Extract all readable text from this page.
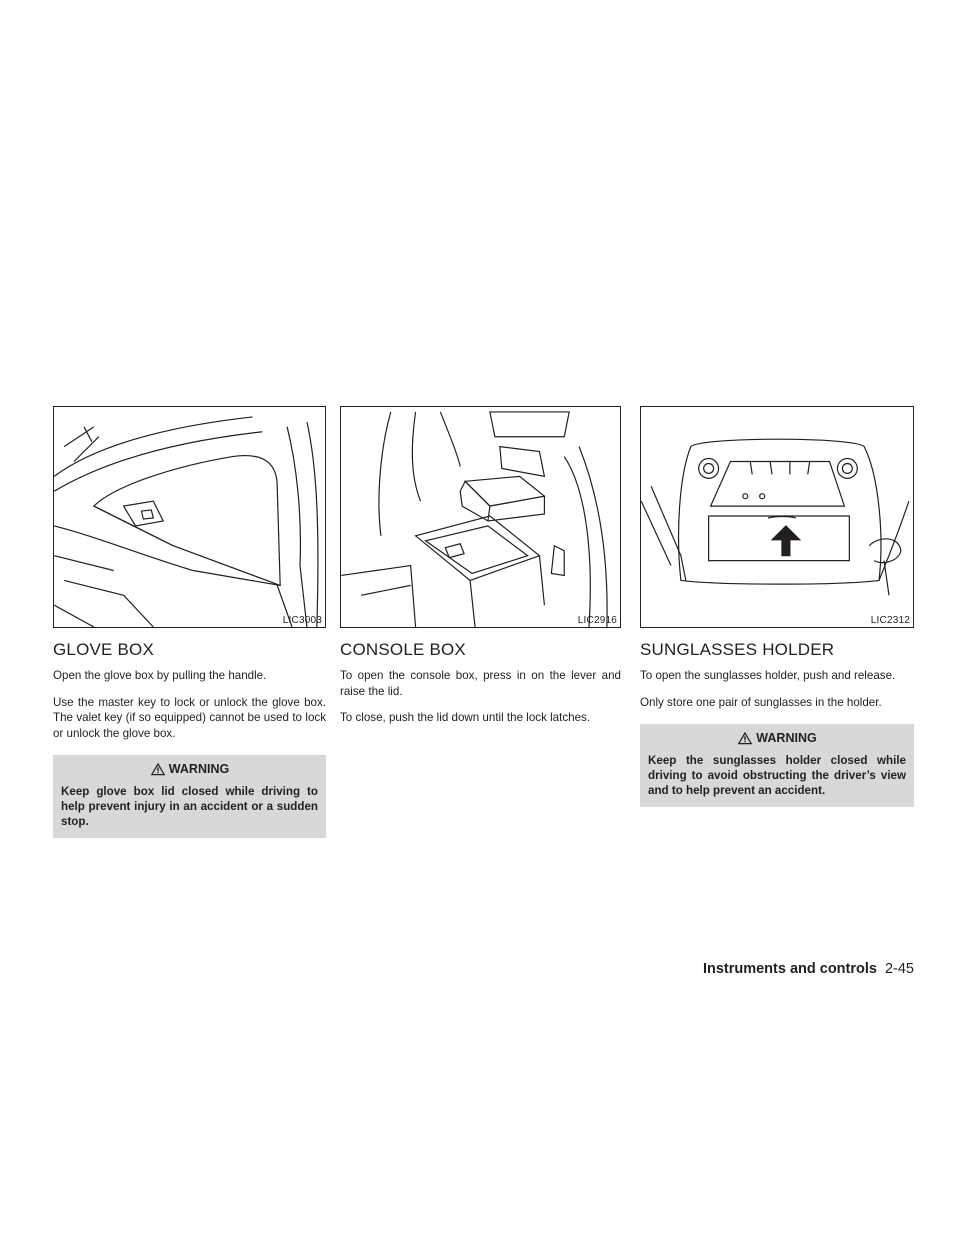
LIC3003
GLOVE BOX

Open the glove box by pulling the handle.

Use the master key to lock or unlock the glove box. The valet key (if so equipped) cannot be used to lock or unlock the glove box.

WARNING
Keep glove box lid closed while driving to help prevent injury in an accident or a sudden stop.
LIC2916
CONSOLE BOX

To open the console box, press in on the lever and raise the lid.

To close, push the lid down until the lock latches.

LIC2312
SUNGLASSES HOLDER

To open the sunglasses holder, push and release.

Only store one pair of sunglasses in the holder.

WARNING
Keep the sunglasses holder closed while driving to avoid obstructing the driver’s view and to help prevent an accident.
Instruments and controls 2-45
